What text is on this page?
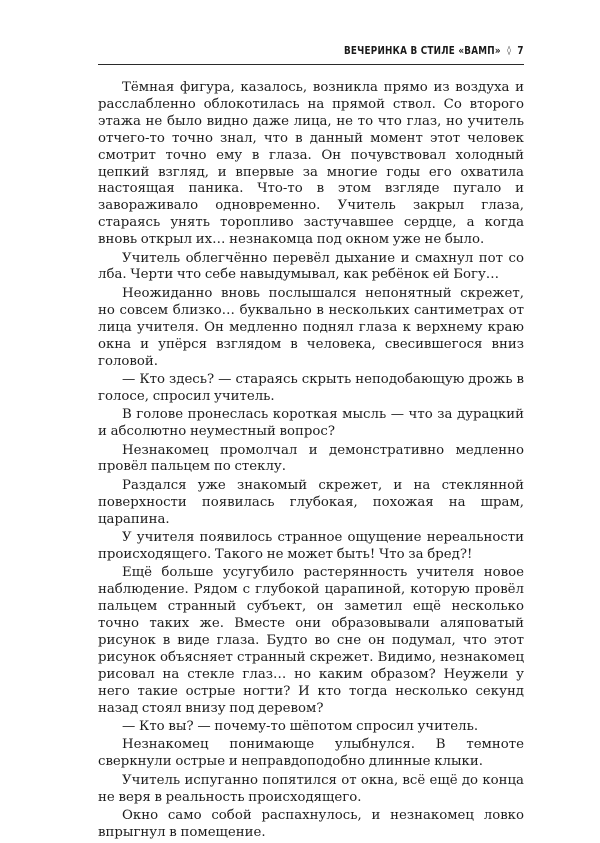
ВЕЧЕРИНКА В СТИЛЕ «ВАМП» ◊ 7

Тёмная фигура, казалось, возникла прямо из воздуха и расслабленно облокотилась на прямой ствол. Со второго этажа не было видно даже лица, не то что глаз, но учитель отчего-то точно знал, что в данный момент этот человек смотрит точно ему в глаза. Он почувствовал холодный цепкий взгляд, и впервые за многие годы его охватила настоящая паника. Что-то в этом взгляде пугало и завораживало одновременно. Учитель закрыл глаза, стараясь унять торопливо застучавшее сердце, а когда вновь открыл их… незнакомца под окном уже не было.

Учитель облегчённо перевёл дыхание и смахнул пот со лба. Черти что себе навыдумывал, как ребёнок ей Богу…

Неожиданно вновь послышался непонятный скрежет, но совсем близко… буквально в нескольких сантиметрах от лица учителя. Он медленно поднял глаза к верхнему краю окна и упёрся взглядом в человека, свесившегося вниз головой.

— Кто здесь? — стараясь скрыть неподобающую дрожь в голосе, спросил учитель.

В голове пронеслась короткая мысль — что за дурацкий и абсолютно неуместный вопрос?

Незнакомец промолчал и демонстративно медленно провёл пальцем по стеклу.

Раздался уже знакомый скрежет, и на стеклянной поверхности появилась глубокая, похожая на шрам, царапина.

У учителя появилось странное ощущение нереальности происходящего. Такого не может быть! Что за бред?!

Ещё больше усугубило растерянность учителя новое наблюдение. Рядом с глубокой царапиной, которую провёл пальцем странный субъект, он заметил ещё несколько точно таких же. Вместе они образовывали аляповатый рисунок в виде глаза. Будто во сне он подумал, что этот рисунок объясняет странный скрежет. Видимо, незнакомец рисовал на стекле глаз… но каким образом? Неужели у него такие острые ногти? И кто тогда несколько секунд назад стоял внизу под деревом?

— Кто вы? — почему-то шёпотом спросил учитель.

Незнакомец понимающе улыбнулся. В темноте сверкнули острые и неправдоподобно длинные клыки.

Учитель испуганно попятился от окна, всё ещё до конца не веря в реальность происходящего.

Окно само собой распахнулось, и незнакомец ловко впрыгнул в помещение.
